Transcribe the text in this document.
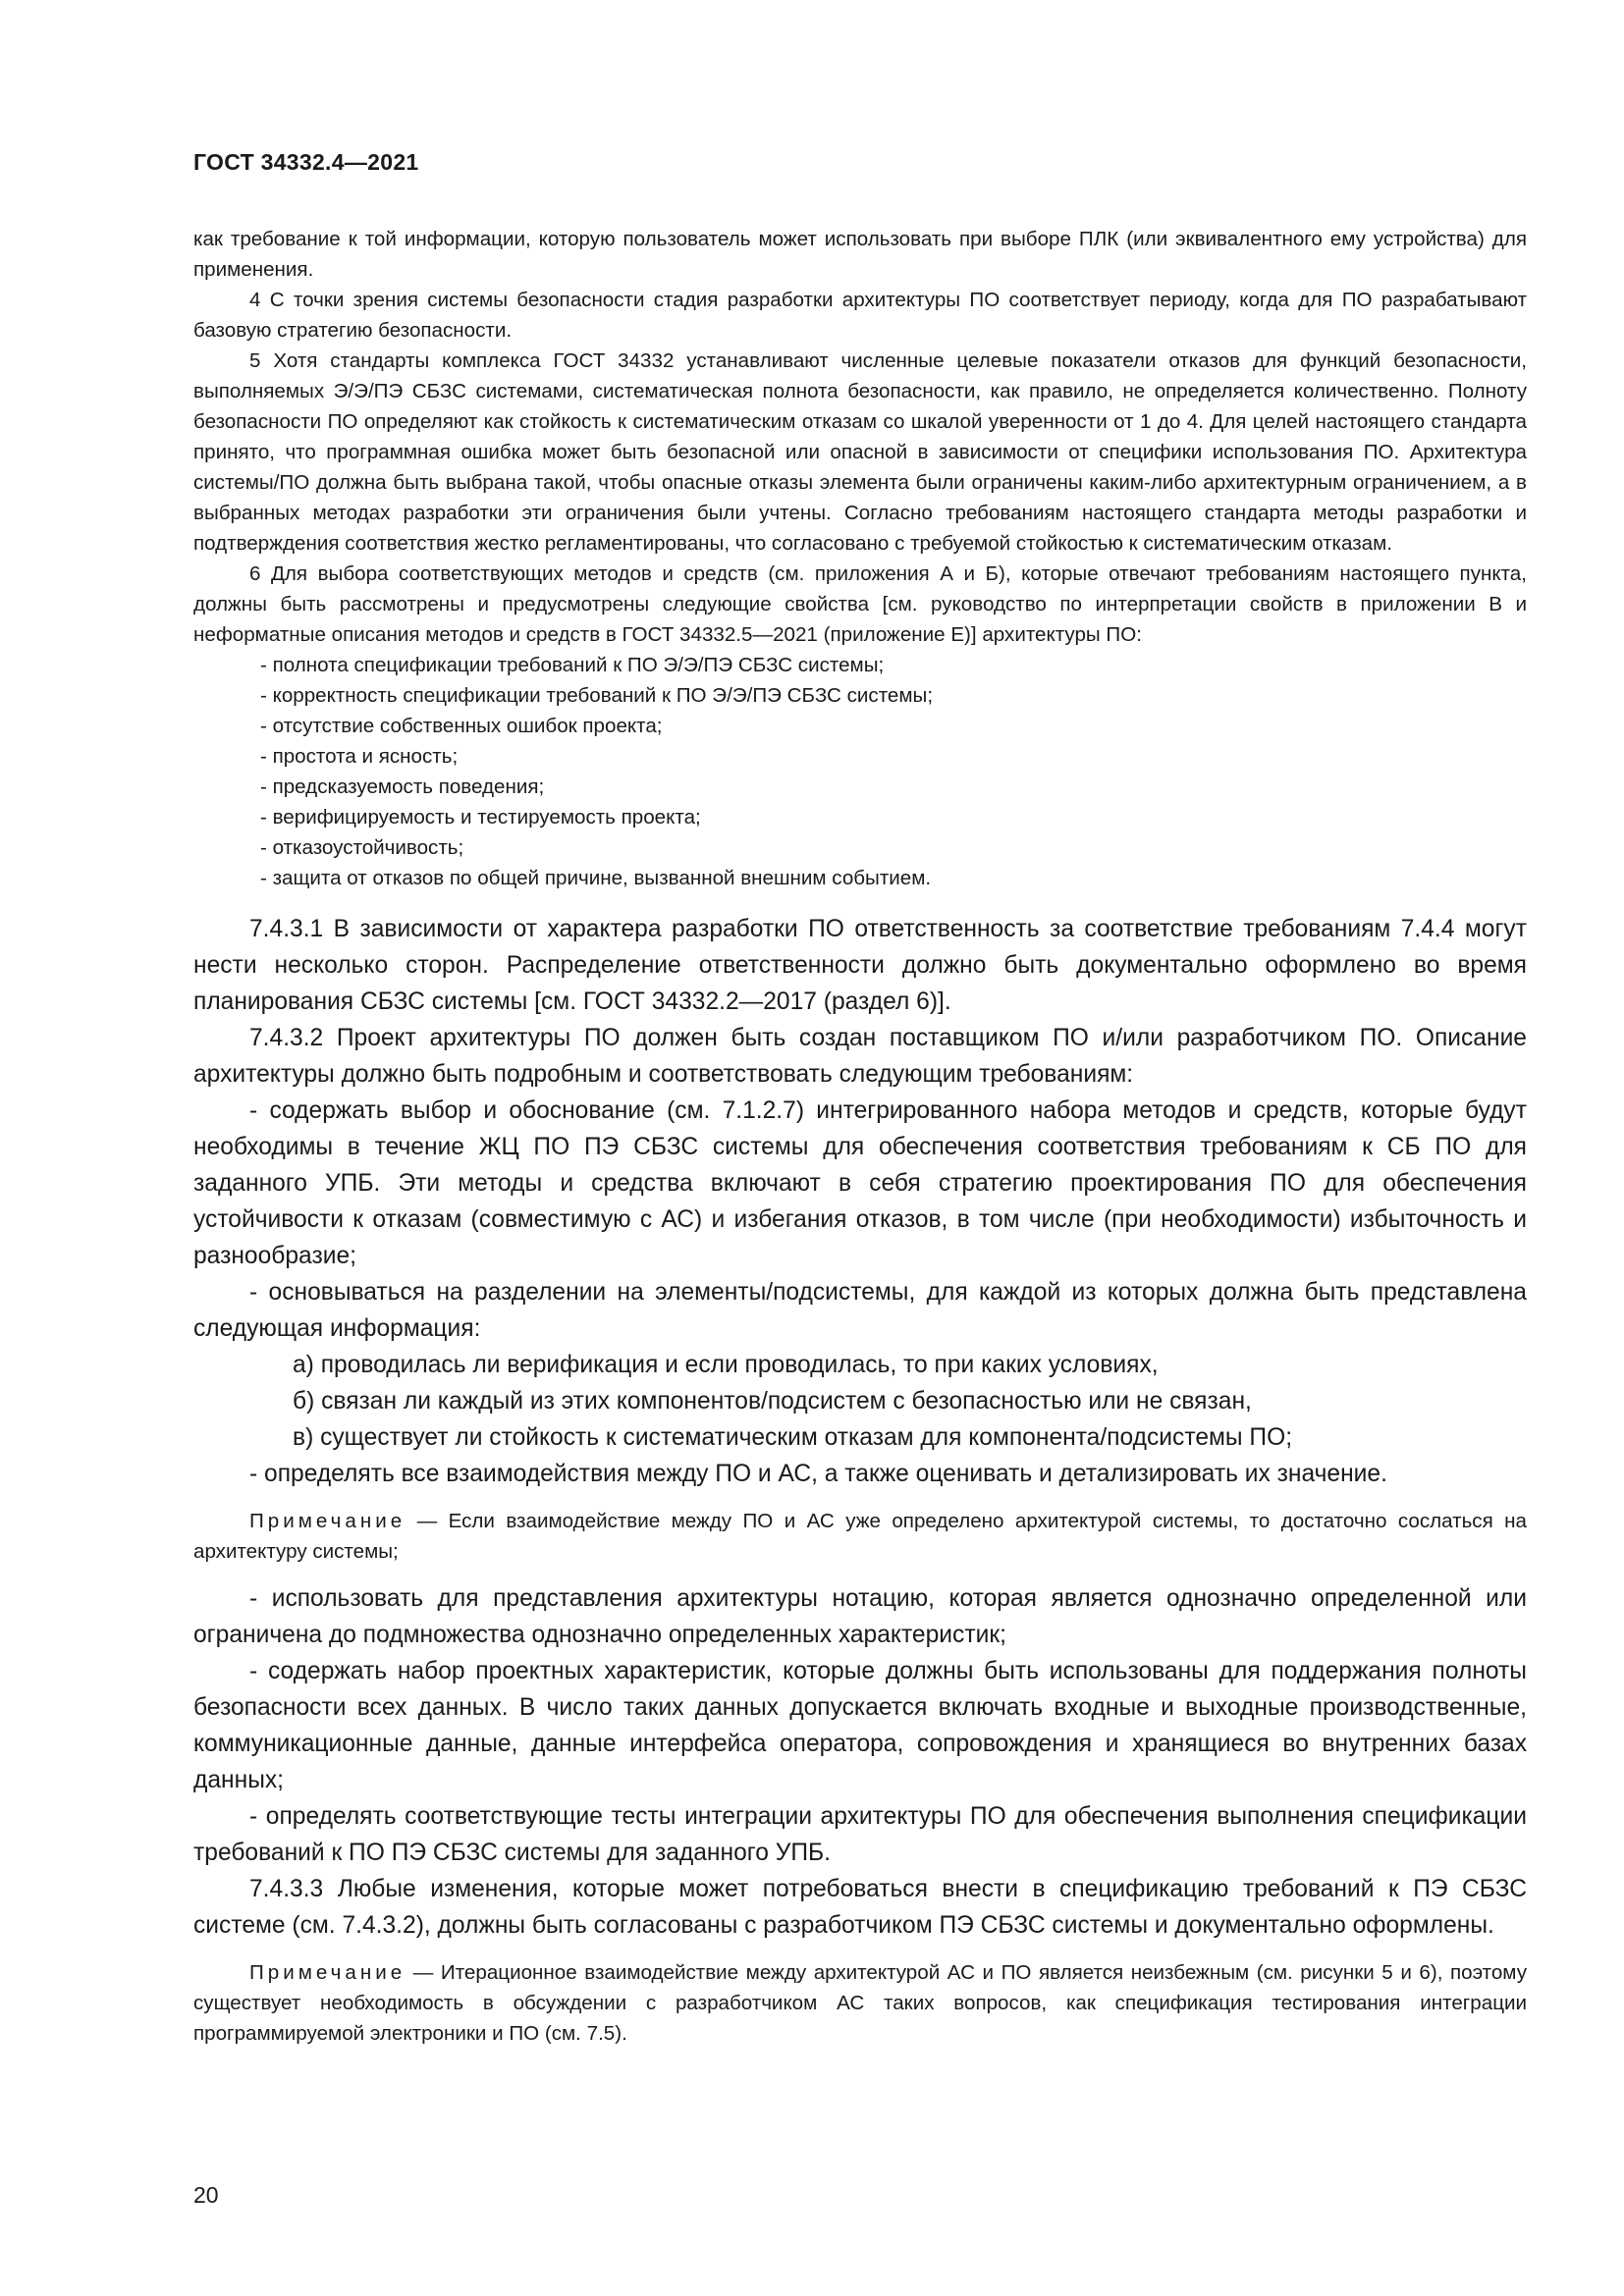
ГОСТ 34332.4—2021

как требование к той информации, которую пользователь может использовать при выборе ПЛК (или эквивалентного ему устройства) для применения.

4 С точки зрения системы безопасности стадия разработки архитектуры ПО соответствует периоду, когда для ПО разрабатывают базовую стратегию безопасности.

5 Хотя стандарты комплекса ГОСТ 34332 устанавливают численные целевые показатели отказов для функций безопасности, выполняемых Э/Э/ПЭ СБЗС системами, систематическая полнота безопасности, как правило, не определяется количественно. Полноту безопасности ПО определяют как стойкость к систематическим отказам со шкалой уверенности от 1 до 4. Для целей настоящего стандарта принято, что программная ошибка может быть безопасной или опасной в зависимости от специфики использования ПО. Архитектура системы/ПО должна быть выбрана такой, чтобы опасные отказы элемента были ограничены каким-либо архитектурным ограничением, а в выбранных методах разработки эти ограничения были учтены. Согласно требованиям настоящего стандарта методы разработки и подтверждения соответствия жестко регламентированы, что согласовано с требуемой стойкостью к систематическим отказам.

6 Для выбора соответствующих методов и средств (см. приложения А и Б), которые отвечают требованиям настоящего пункта, должны быть рассмотрены и предусмотрены следующие свойства [см. руководство по интерпретации свойств в приложении В и неформатные описания методов и средств в ГОСТ 34332.5—2021 (приложение Е)] архитектуры ПО:

- полнота спецификации требований к ПО Э/Э/ПЭ СБЗС системы;

- корректность спецификации требований к ПО Э/Э/ПЭ СБЗС системы;

- отсутствие собственных ошибок проекта;

- простота и ясность;

- предсказуемость поведения;

- верифицируемость и тестируемость проекта;

- отказоустойчивость;

- защита от отказов по общей причине, вызванной внешним событием.

7.4.3.1 В зависимости от характера разработки ПО ответственность за соответствие требованиям 7.4.4 могут нести несколько сторон. Распределение ответственности должно быть документально оформлено во время планирования СБЗС системы [см. ГОСТ 34332.2—2017 (раздел 6)].

7.4.3.2 Проект архитектуры ПО должен быть создан поставщиком ПО и/или разработчиком ПО. Описание архитектуры должно быть подробным и соответствовать следующим требованиям:

- содержать выбор и обоснование (см. 7.1.2.7) интегрированного набора методов и средств, которые будут необходимы в течение ЖЦ ПО ПЭ СБЗС системы для обеспечения соответствия требованиям к СБ ПО для заданного УПБ. Эти методы и средства включают в себя стратегию проектирования ПО для обеспечения устойчивости к отказам (совместимую с АС) и избегания отказов, в том числе (при необходимости) избыточность и разнообразие;

- основываться на разделении на элементы/подсистемы, для каждой из которых должна быть представлена следующая информация:

а) проводилась ли верификация и если проводилась, то при каких условиях,

б) связан ли каждый из этих компонентов/подсистем с безопасностью или не связан,

в) существует ли стойкость к систематическим отказам для компонента/подсистемы ПО;

- определять все взаимодействия между ПО и АС, а также оценивать и детализировать их значение.

Примечание — Если взаимодействие между ПО и АС уже определено архитектурой системы, то достаточно сослаться на архитектуру системы;

- использовать для представления архитектуры нотацию, которая является однозначно определенной или ограничена до подмножества однозначно определенных характеристик;

- содержать набор проектных характеристик, которые должны быть использованы для поддержания полноты безопасности всех данных. В число таких данных допускается включать входные и выходные производственные, коммуникационные данные, данные интерфейса оператора, сопровождения и хранящиеся во внутренних базах данных;

- определять соответствующие тесты интеграции архитектуры ПО для обеспечения выполнения спецификации требований к ПО ПЭ СБЗС системы для заданного УПБ.

7.4.3.3 Любые изменения, которые может потребоваться внести в спецификацию требований к ПЭ СБЗС системе (см. 7.4.3.2), должны быть согласованы с разработчиком ПЭ СБЗС системы и документально оформлены.

Примечание — Итерационное взаимодействие между архитектурой АС и ПО является неизбежным (см. рисунки 5 и 6), поэтому существует необходимость в обсуждении с разработчиком АС таких вопросов, как спецификация тестирования интеграции программируемой электроники и ПО (см. 7.5).

20
